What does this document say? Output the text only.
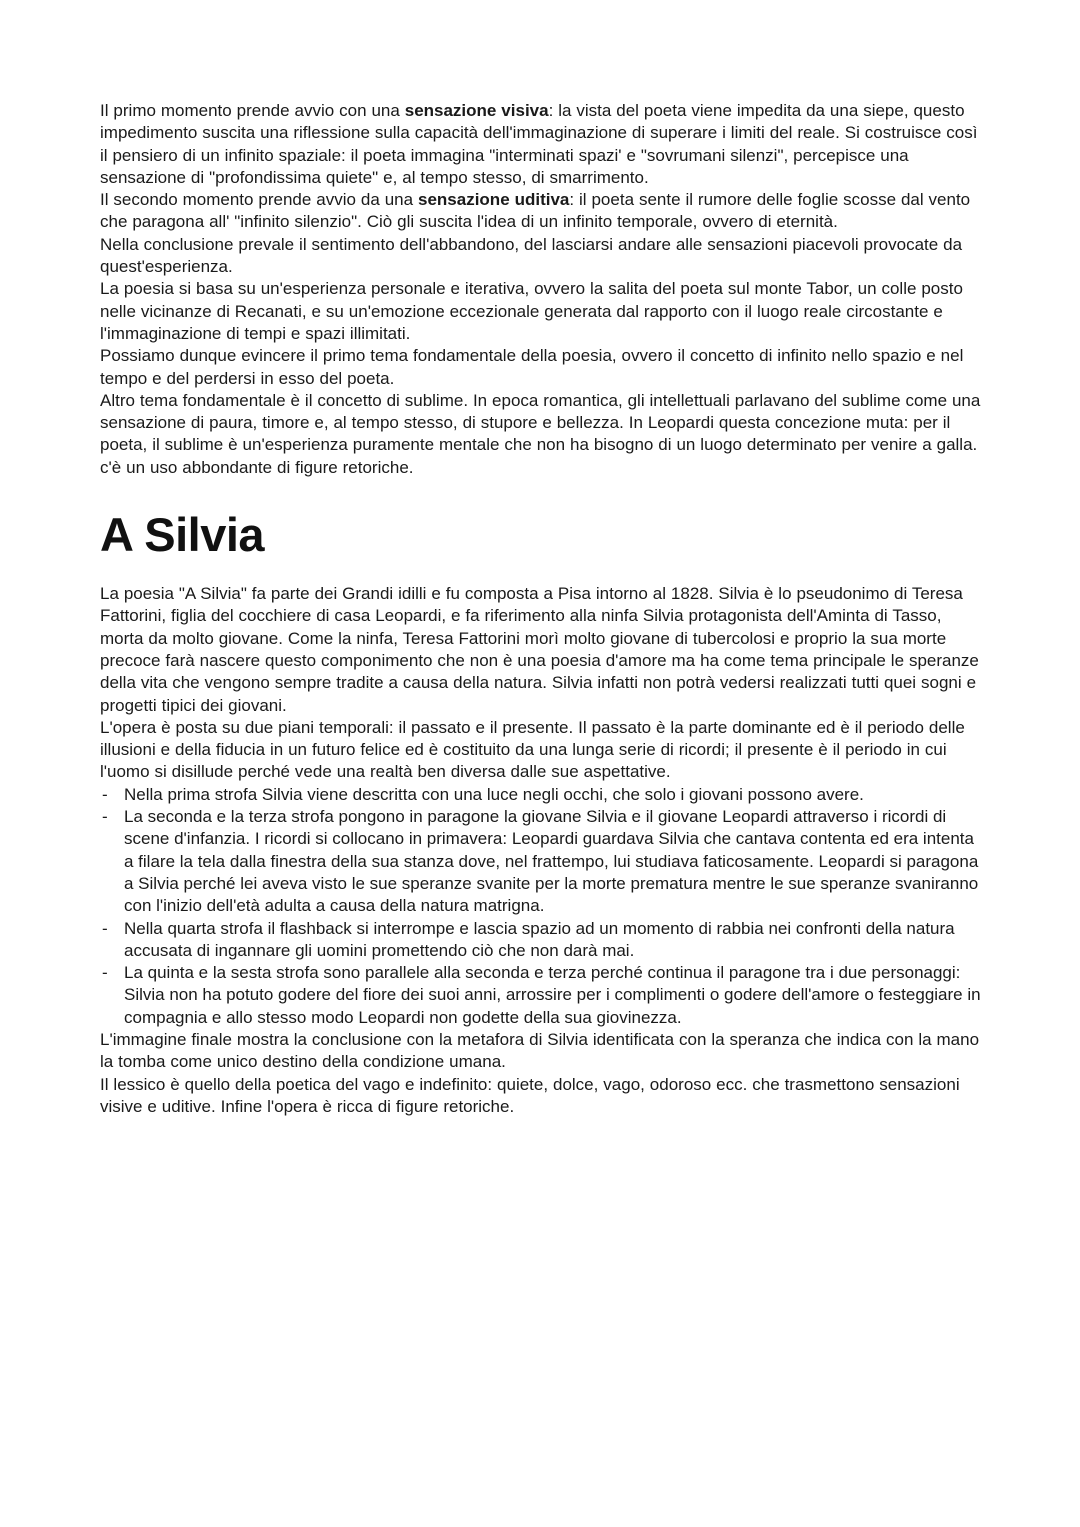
Il primo momento prende avvio con una sensazione visiva: la vista del poeta viene impedita da una siepe, questo impedimento suscita una riflessione sulla capacità dell'immaginazione di superare i limiti del reale. Si costruisce così il pensiero di un infinito spaziale: il poeta immagina "interminati spazi' e "sovrumani silenzi", percepisce una sensazione di "profondissima quiete" e, al tempo stesso, di smarrimento.

Il secondo momento prende avvio da una sensazione uditiva: il poeta sente il rumore delle foglie scosse dal vento che paragona all' "infinito silenzio". Ciò gli suscita l'idea di un infinito temporale, ovvero di eternità.

Nella conclusione prevale il sentimento dell'abbandono, del lasciarsi andare alle sensazioni piacevoli provocate da quest'esperienza.

La poesia si basa su un'esperienza personale e iterativa, ovvero la salita del poeta sul monte Tabor, un colle posto nelle vicinanze di Recanati, e su un'emozione eccezionale generata dal rapporto con il luogo reale circostante e l'immaginazione di tempi e spazi illimitati.

Possiamo dunque evincere il primo tema fondamentale della poesia, ovvero il concetto di infinito nello spazio e nel tempo e del perdersi in esso del poeta.

Altro tema fondamentale è il concetto di sublime. In epoca romantica, gli intellettuali parlavano del sublime come una sensazione di paura, timore e, al tempo stesso, di stupore e bellezza. In Leopardi questa concezione muta: per il poeta, il sublime è un'esperienza puramente mentale che non ha bisogno di un luogo determinato per venire a galla. c'è un uso abbondante di figure retoriche.

A Silvia

La poesia "A Silvia" fa parte dei Grandi idilli e fu composta a Pisa intorno al 1828. Silvia è lo pseudonimo di Teresa Fattorini, figlia del cocchiere di casa Leopardi, e fa riferimento alla ninfa Silvia protagonista dell'Aminta di Tasso, morta da molto giovane. Come la ninfa, Teresa Fattorini morì molto giovane di tubercolosi e proprio la sua morte precoce farà nascere questo componimento che non è una poesia d'amore ma ha come tema principale le speranze della vita che vengono sempre tradite a causa della natura. Silvia infatti non potrà vedersi realizzati tutti quei sogni e progetti tipici dei giovani.

L'opera è posta su due piani temporali: il passato e il presente. Il passato è la parte dominante ed è il periodo delle illusioni e della fiducia in un futuro felice ed è costituito da una lunga serie di ricordi; il presente è il periodo in cui l'uomo si disillude perché vede una realtà ben diversa dalle sue aspettative.

- Nella prima strofa Silvia viene descritta con una luce negli occhi, che solo i giovani possono avere.
- La seconda e la terza strofa pongono in paragone la giovane Silvia e il giovane Leopardi attraverso i ricordi di scene d'infanzia. I ricordi si collocano in primavera: Leopardi guardava Silvia che cantava contenta ed era intenta a filare la tela dalla finestra della sua stanza dove, nel frattempo, lui studiava faticosamente. Leopardi si paragona a Silvia perché lei aveva visto le sue speranze svanite per la morte prematura mentre le sue speranze svaniranno con l'inizio dell'età adulta a causa della natura matrigna.
- Nella quarta strofa il flashback si interrompe e lascia spazio ad un momento di rabbia nei confronti della natura accusata di ingannare gli uomini promettendo ciò che non darà mai.
- La quinta e la sesta strofa sono parallele alla seconda e terza perché continua il paragone tra i due personaggi: Silvia non ha potuto godere del fiore dei suoi anni, arrossire per i complimenti o godere dell'amore o festeggiare in compagnia e allo stesso modo Leopardi non godette della sua giovinezza.

L'immagine finale mostra la conclusione con la metafora di Silvia identificata con la speranza che indica con la mano la tomba come unico destino della condizione umana.

Il lessico è quello della poetica del vago e indefinito: quiete, dolce, vago, odoroso ecc. che trasmettono sensazioni visive e uditive. Infine l'opera è ricca di figure retoriche.
